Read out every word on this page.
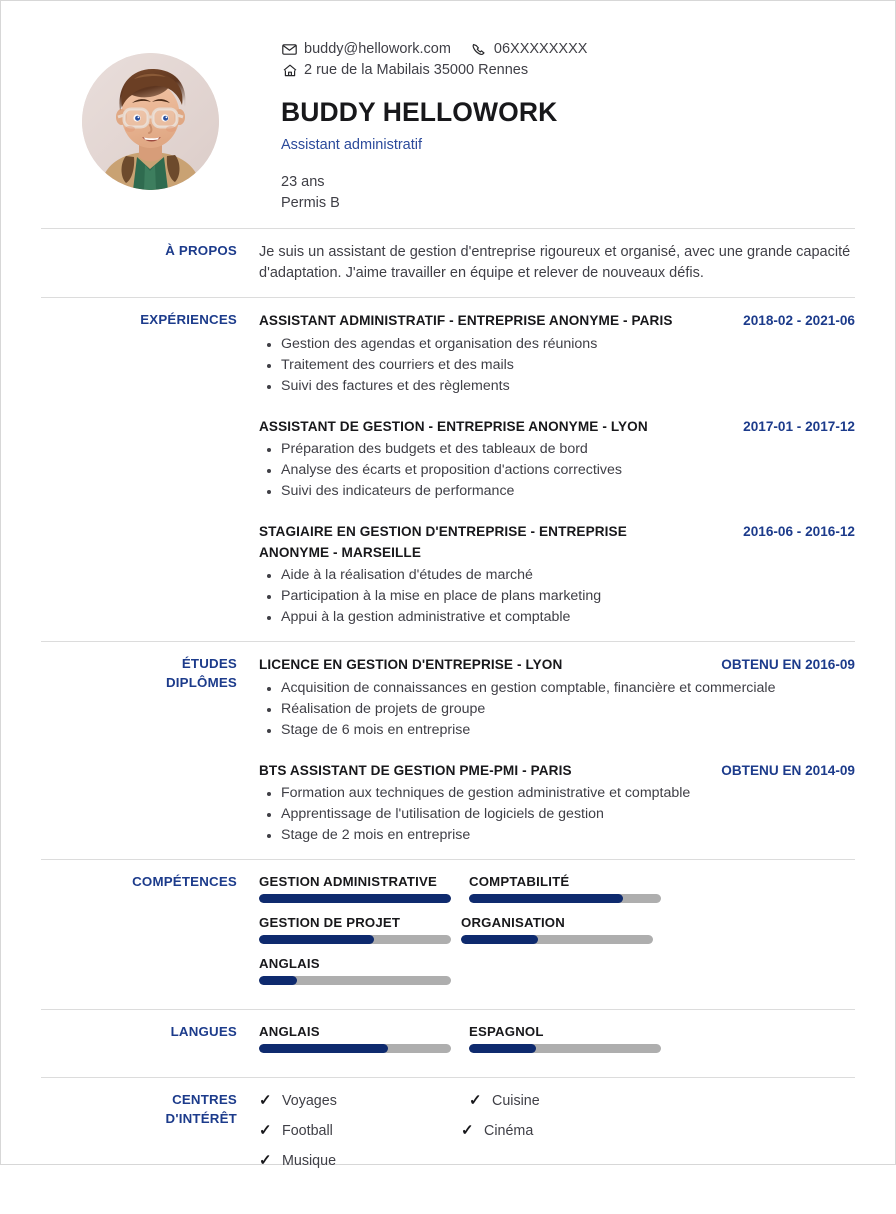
buddy@hellowork.com	06XXXXXXXX
2 rue de la Mabilais 35000 Rennes
BUDDY HELLOWORK
Assistant administratif
23 ans
Permis B
À PROPOS	Je suis un assistant de gestion d'entreprise rigoureux et organisé, avec une grande capacité d'adaptation. J'aime travailler en équipe et relever de nouveaux défis.
EXPÉRIENCES	ASSISTANT ADMINISTRATIF - ENTREPRISE ANONYME - PARIS	2018-02 - 2021-06
Gestion des agendas et organisation des réunions
Traitement des courriers et des mails
Suivi des factures et des règlements
ASSISTANT DE GESTION - ENTREPRISE ANONYME - LYON	2017-01 - 2017-12
Préparation des budgets et des tableaux de bord
Analyse des écarts et proposition d'actions correctives
Suivi des indicateurs de performance
STAGIAIRE EN GESTION D'ENTREPRISE - ENTREPRISE ANONYME - MARSEILLE
2016-06 - 2016-12
Aide à la réalisation d'études de marché
Participation à la mise en place de plans marketing
Appui à la gestion administrative et comptable
ÉTUDES
DIPLÔMES
LICENCE EN GESTION D'ENTREPRISE - LYON	OBTENU EN 2016-09
Acquisition de connaissances en gestion comptable, financière et commerciale
Réalisation de projets de groupe
Stage de 6 mois en entreprise
BTS ASSISTANT DE GESTION PME-PMI - PARIS	OBTENU EN 2014-09
Formation aux techniques de gestion administrative et comptable
Apprentissage de l'utilisation de logiciels de gestion
Stage de 2 mois en entreprise
COMPÉTENCES	GESTION ADMINISTRATIVE	COMPTABILITÉ
GESTION DE PROJET	ORGANISATION
ANGLAIS
LANGUES	ANGLAIS	ESPAGNOL
CENTRES
D'INTÉRÊT
✓ Voyages	✓ Cuisine
✓ Football	✓ Cinéma
✓ Musique
